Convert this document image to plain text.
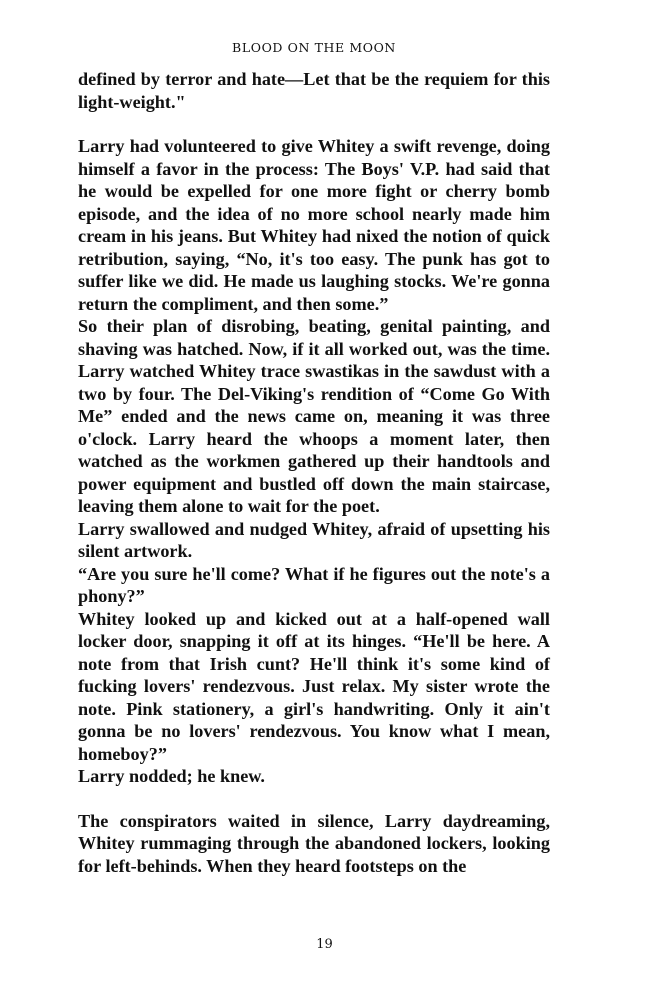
BLOOD ON THE MOON

defined by terror and hate—Let that be the requiem for this light-weight."

Larry had volunteered to give Whitey a swift revenge, doing himself a favor in the process: The Boys' V.P. had said that he would be expelled for one more fight or cherry bomb episode, and the idea of no more school nearly made him cream in his jeans. But Whitey had nixed the notion of quick retribution, saying, “No, it's too easy. The punk has got to suffer like we did. He made us laughing stocks. We're gonna return the compliment, and then some.”

So their plan of disrobing, beating, genital painting, and shaving was hatched. Now, if it all worked out, was the time. Larry watched Whitey trace swastikas in the sawdust with a two by four. The Del-Viking's rendition of “Come Go With Me” ended and the news came on, meaning it was three o'clock. Larry heard the whoops a moment later, then watched as the workmen gathered up their handtools and power equipment and bustled off down the main staircase, leaving them alone to wait for the poet.

Larry swallowed and nudged Whitey, afraid of upsetting his silent artwork.

“Are you sure he'll come? What if he figures out the note's a phony?”

Whitey looked up and kicked out at a half-opened wall locker door, snapping it off at its hinges. “He'll be here. A note from that Irish cunt? He'll think it's some kind of fucking lovers' rendezvous. Just relax. My sister wrote the note. Pink stationery, a girl's handwriting. Only it ain't gonna be no lovers' rendezvous. You know what I mean, homeboy?”

Larry nodded; he knew.

The conspirators waited in silence, Larry daydreaming, Whitey rummaging through the abandoned lockers, looking for left-behinds. When they heard footsteps on the

19
